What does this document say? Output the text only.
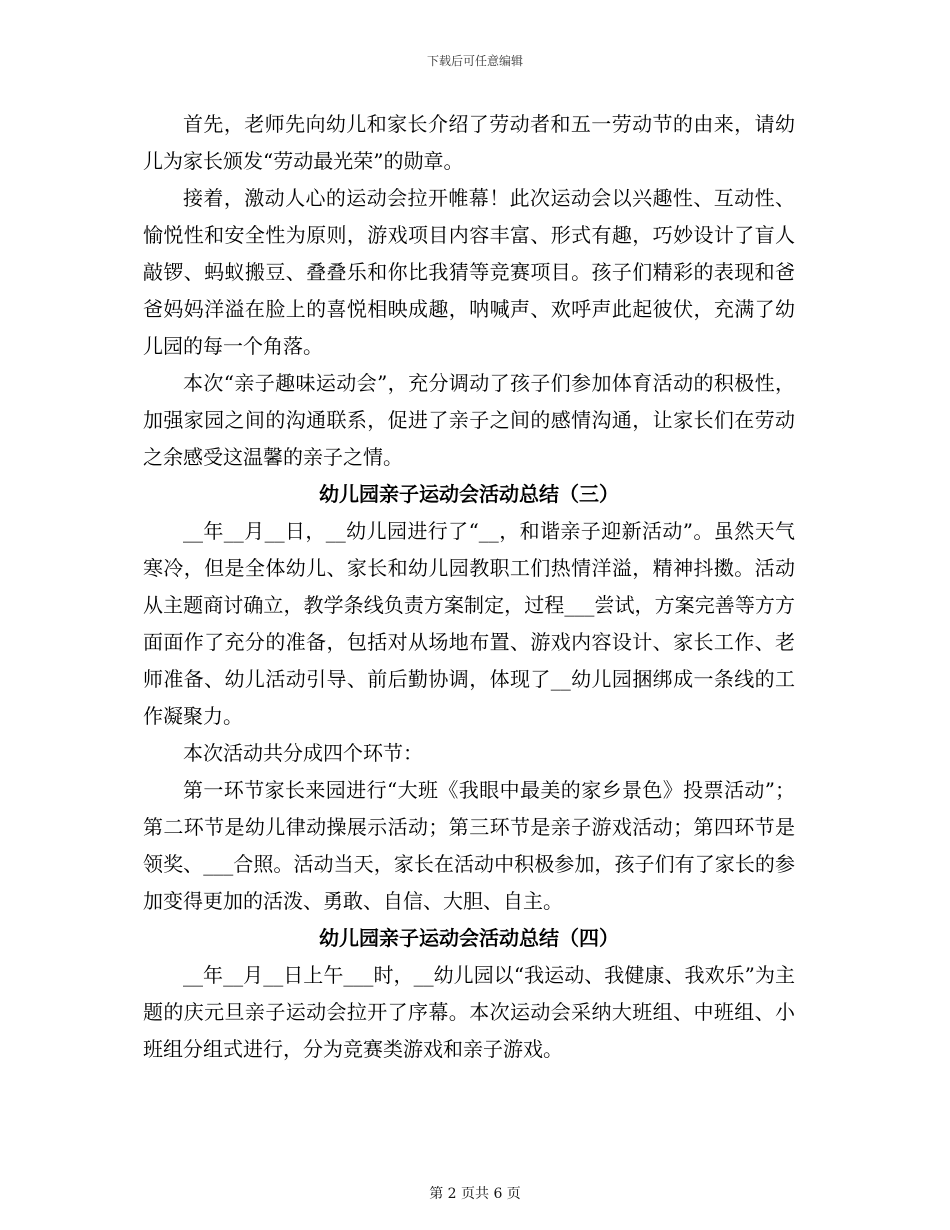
下载后可任意编辑

首先，老师先向幼儿和家长介绍了劳动者和五一劳动节的由来，请幼儿为家长颁发“劳动最光荣”的勋章。

接着，激动人心的运动会拉开帷幕！此次运动会以兴趣性、互动性、愉悦性和安全性为原则，游戏项目内容丰富、形式有趣，巧妙设计了盲人敲锣、蚂蚁搬豆、叠叠乐和你比我猜等竞赛项目。孩子们精彩的表现和爸爸妈妈洋溢在脸上的喜悦相映成趣，呐喊声、欢呼声此起彼伏，充满了幼儿园的每一个角落。

本次“亲子趣味运动会”，充分调动了孩子们参加体育活动的积极性，加强家园之间的沟通联系，促进了亲子之间的感情沟通，让家长们在劳动之余感受这温馨的亲子之情。

幼儿园亲子运动会活动总结（三）

__年__月__日，__幼儿园进行了“__，和谐亲子迎新活动”。虽然天气寒冷，但是全体幼儿、家长和幼儿园教职工们热情洋溢，精神抖擞。活动从主题商讨确立，教学条线负责方案制定，过程___尝试，方案完善等方方面面作了充分的准备，包括对从场地布置、游戏内容设计、家长工作、老师准备、幼儿活动引导、前后勤协调，体现了__幼儿园捆绑成一条线的工作凝聚力。

本次活动共分成四个环节：

第一环节家长来园进行“大班《我眼中最美的家乡景色》投票活动”；第二环节是幼儿律动操展示活动；第三环节是亲子游戏活动；第四环节是领奖、___合照。活动当天，家长在活动中积极参加，孩子们有了家长的参加变得更加的活泼、勇敢、自信、大胆、自主。

幼儿园亲子运动会活动总结（四）

__年__月__日上午___时，__幼儿园以“我运动、我健康、我欢乐”为主题的庆元旦亲子运动会拉开了序幕。本次运动会采纳大班组、中班组、小班组分组式进行，分为竞赛类游戏和亲子游戏。

第 2 页共 6 页
